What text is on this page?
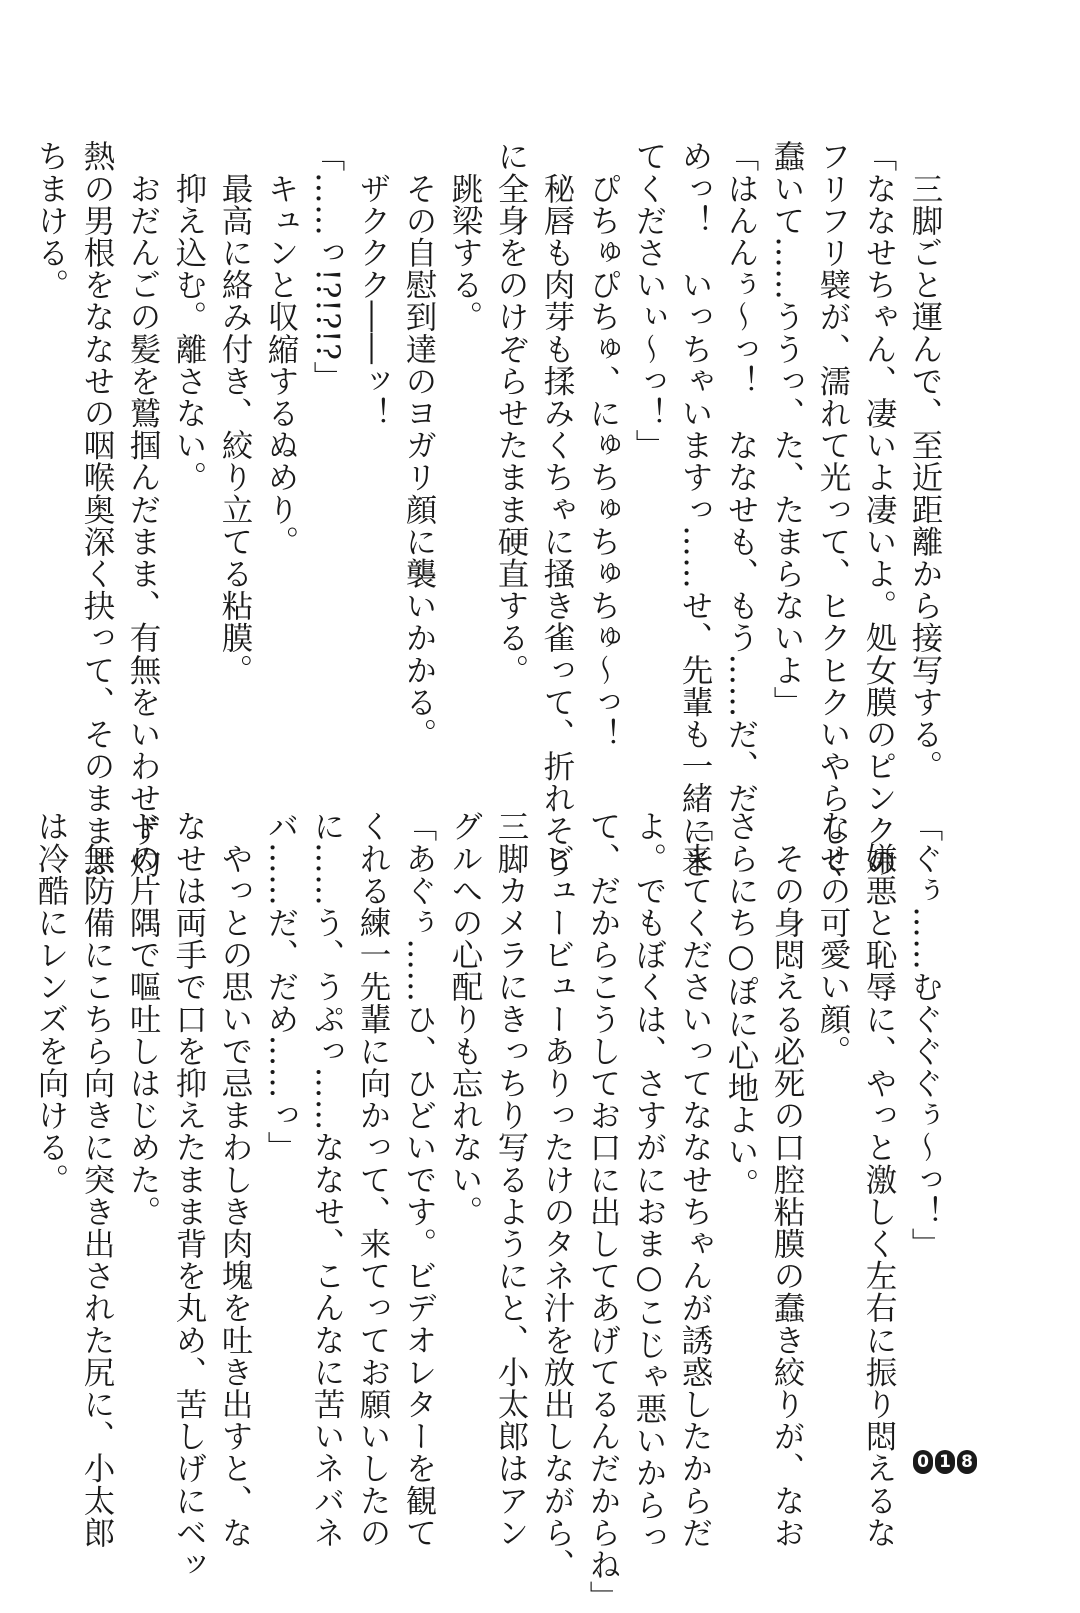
　三脚ごと運んで、至近距離から接写する。
「ななせちゃん、凄いよ凄いよ。処女膜のピンクの
フリフリ襞が、濡れて光って、ヒクヒクいやらしく
蠢いて……ううっ、た、たまらないよ」
「はんんぅ〜っ！　ななせも、もう……だ、だ
めっ！　いっちゃいますっ……せ、先輩も一緒にき
てくださいぃ〜っ！」
　ぴちゅぴちゅ、にゅちゅちゅちゅ〜っ！
　秘唇も肉芽も揉みくちゃに掻き雀って、折れそう
に全身をのけぞらせたまま硬直する。
　跳梁する。
　その自慰到達のヨガリ顔に襲いかかる。
　ザククク――ッ！
「……っ!?!?!?」
　キュンと収縮するぬめり。
　最高に絡み付き、絞り立てる粘膜。
　抑え込む。離さない。
　おだんごの髪を鷲掴んだまま、有無をいわせず灼
熱の男根をななせの咽喉奥深く抉って、そのままぶ
ちまける。
「ぐぅ……むぐぐぐぅ〜っ！」
　嫌悪と恥辱に、やっと激しく左右に振り悶えるな
なせの可愛い顔。
　その身悶える必死の口腔粘膜の蠢き絞りが、なお
さらにち○ぽに心地よい。
「来てくださいってななせちゃんが誘惑したからだ
よ。でもぼくは、さすがにおま○こじゃ悪いからっ
て、だからこうしてお口に出してあげてるんだからね」
　ビュービューありったけのタネ汁を放出しながら、
三脚カメラにきっちり写るようにと、小太郎はアン
グルへの心配りも忘れない。
「あぐぅ……ひ、ひどいです。ビデオレターを観て
くれる練一先輩に向かって、来てってお願いしたの
に……う、うぷっ……ななせ、こんなに苦いネバネ
バ……だ、だめ……っ」
　やっとの思いで忌まわしき肉塊を吐き出すと、な
なせは両手で口を抑えたまま背を丸め、苦しげにベッ
ドの片隅で嘔吐しはじめた。
　無防備にこちら向きに突き出された尻に、小太郎
は冷酷にレンズを向ける。
0 1 8
